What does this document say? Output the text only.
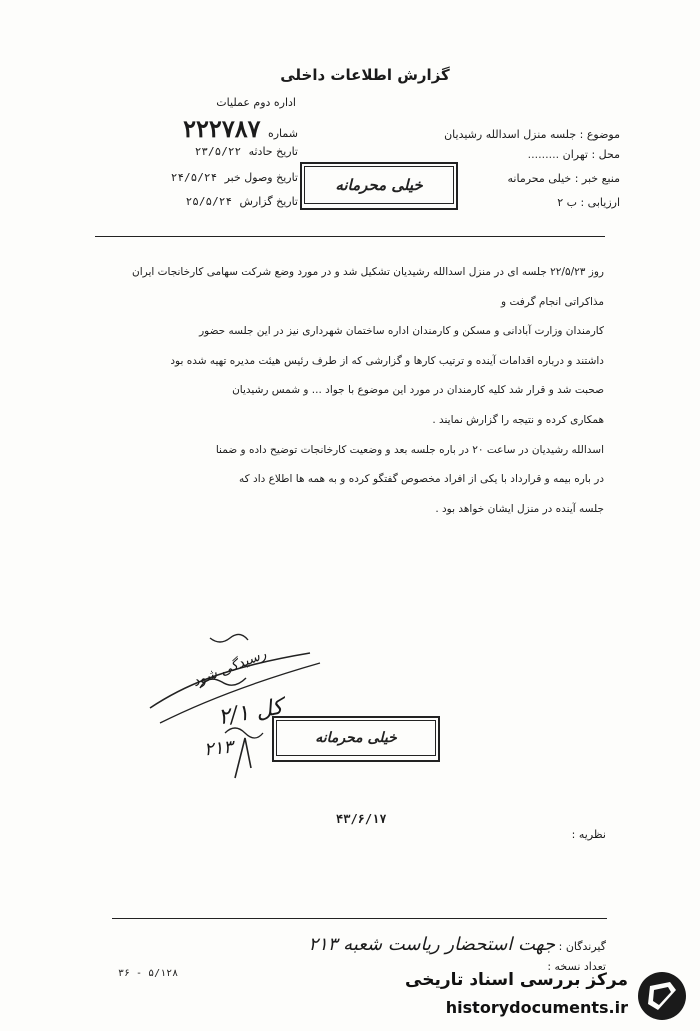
گزارش اطلاعات داخلی
اداره دوم عملیات
شماره ۲۲۲۷۸۷
تاریخ حادثه ۲۳/۵/۲۲
تاریخ وصول خبر ۲۴/۵/۲۴
تاریخ گزارش ۲۵/۵/۲۴
موضوع : جلسه منزل اسدالله رشیدیان
محل : تهران .........
منبع خبر : خیلی محرمانه
ارزیابی : ب ۲
خیلی محرمانه

روز ۲۲/۵/۲۳ جلسه ای در منزل اسدالله رشیدیان تشکیل شد و در مورد وضع شرکت سهامی کارخانجات ایران مذاکراتی انجام گرفت و

کارمندان وزارت آبادانی و مسکن و کارمندان اداره ساختمان شهرداری نیز در این جلسه حضور

داشتند و درباره اقدامات آینده و ترتیب کارها و گزارشی که از طرف رئیس هیئت مدیره تهیه شده بود

صحبت شد و قرار شد کلیه کارمندان در مورد این موضوع با جواد ... و شمس رشیدیان

همکاری کرده و نتیجه را گزارش نمایند .

اسدالله رشیدیان در ساعت ۲۰ در باره جلسه بعد و وضعیت کارخانجات توضیح داده و ضمنا

در باره بیمه و قرارداد با یکی از افراد مخصوص گفتگو کرده و به همه ها اطلاع داد که

جلسه آینده در منزل ایشان خواهد بود .

رسیدگی شود
کل ۲/۱
۲۱۳	خیلی محرمانه
۴۳/۶/۱۷
نظریه :
گیرندگان : جهت استحضار ریاست شعبه ۲۱۳
تعداد نسخه :
۳۶ - ۵/۱۲۸	مرکز بررسی اسناد تاریخی
historydocuments.ir
